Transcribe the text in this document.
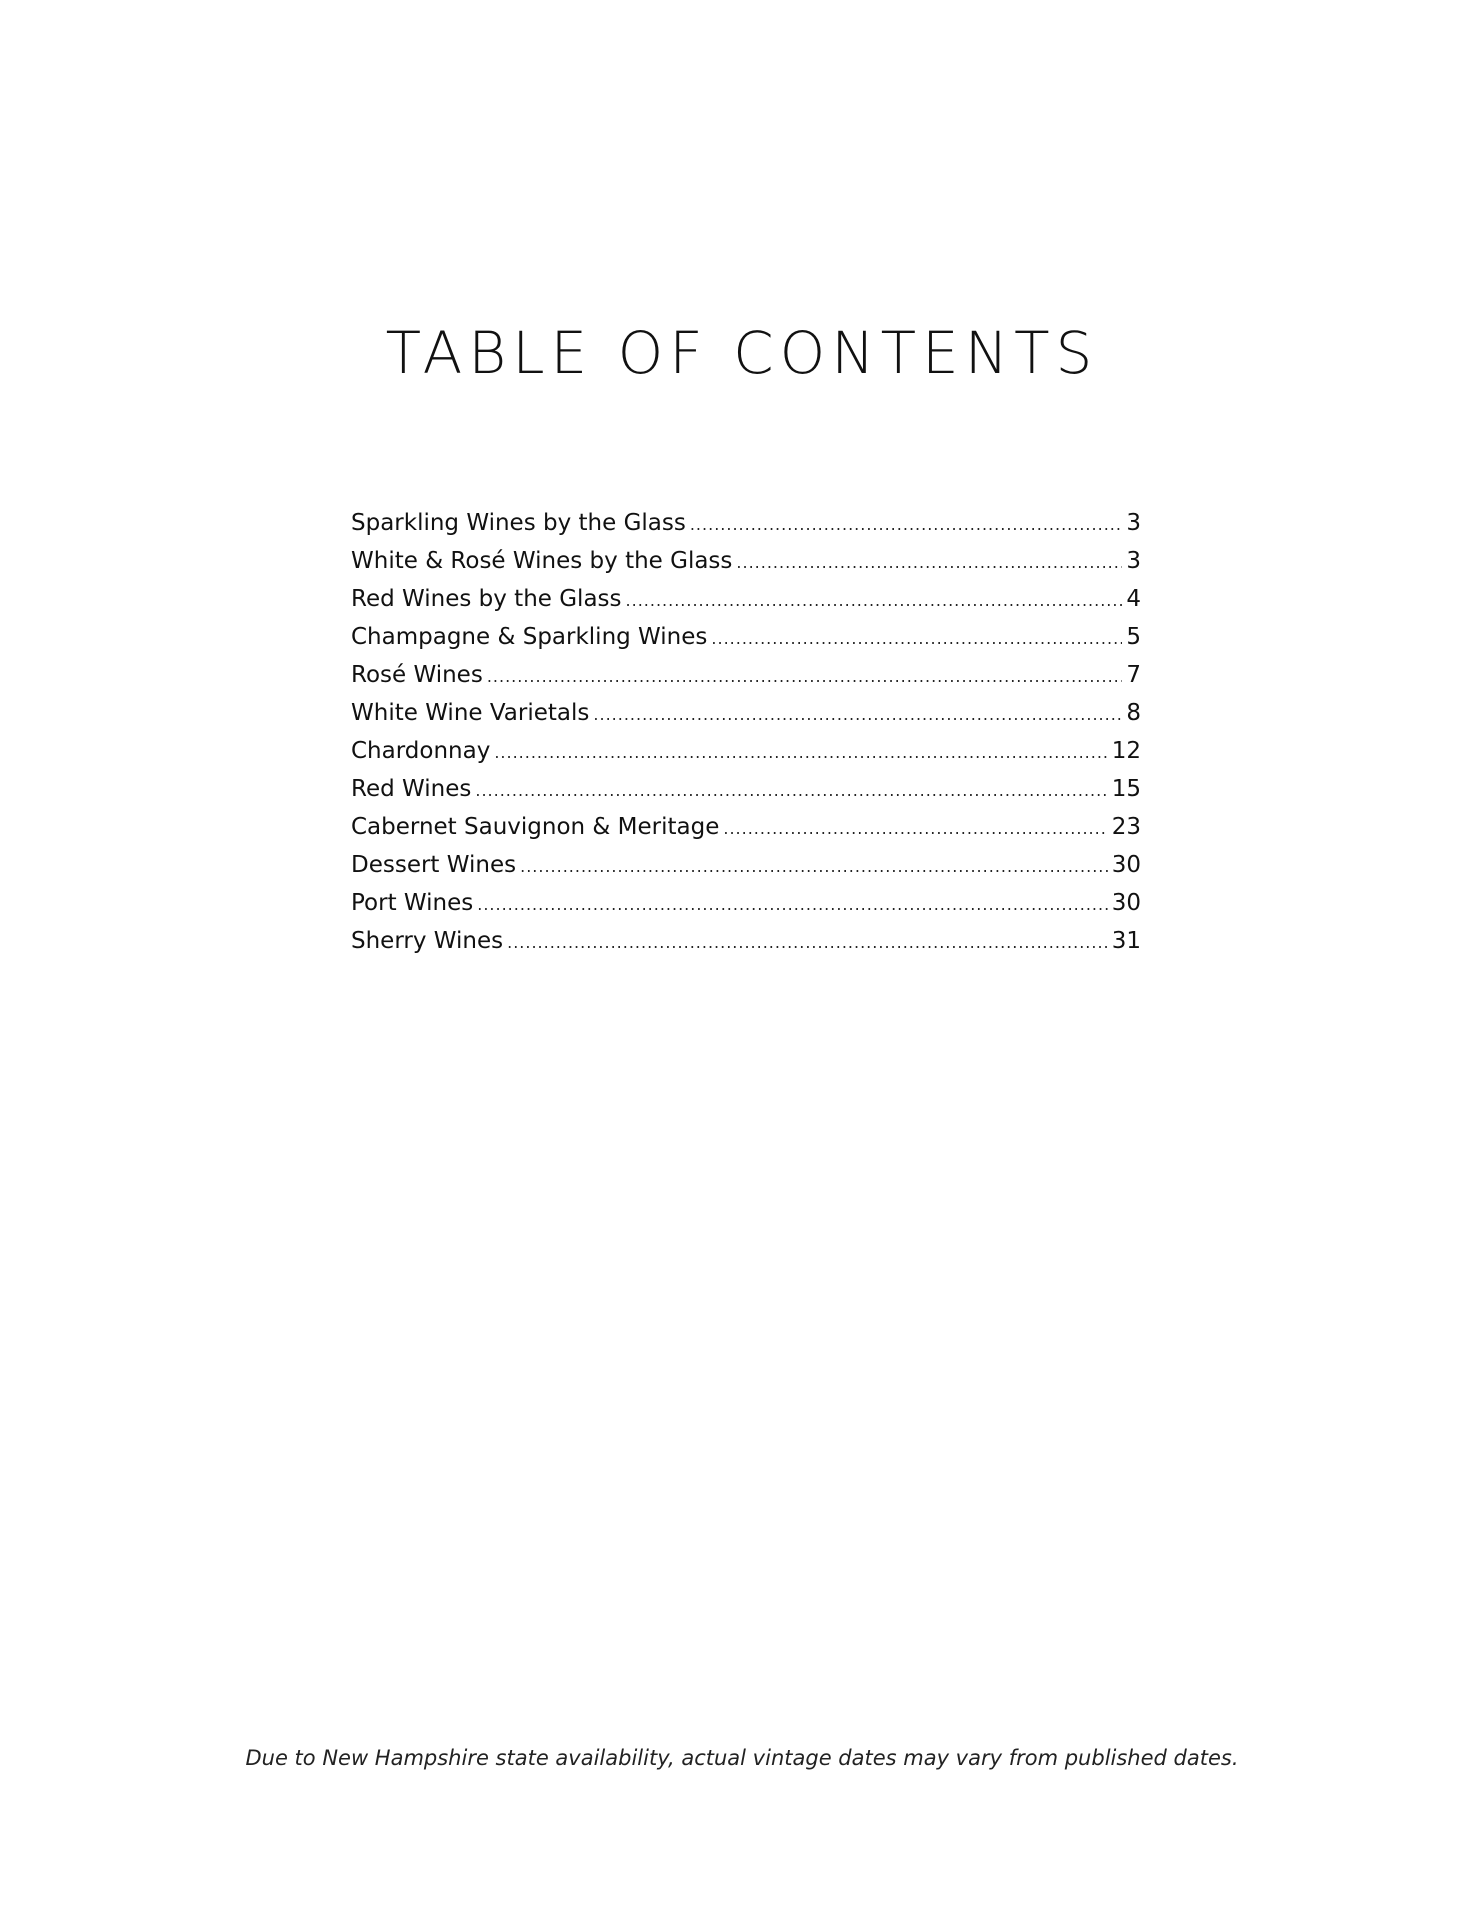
TABLE OF CONTENTS
Sparkling Wines by the Glass .....	3
White & Rosé Wines by the Glass .....	3
Red Wines by the Glass .....	4
Champagne & Sparkling Wines .....	5
Rosé Wines .....	7
White Wine Varietals .....	8
Chardonnay .....	12
Red Wines .....	15
Cabernet Sauvignon & Meritage .....	23
Dessert Wines .....	30
Port Wines .....	30
Sherry Wines .....	31

Due to New Hampshire state availability, actual vintage dates may vary from published dates.
